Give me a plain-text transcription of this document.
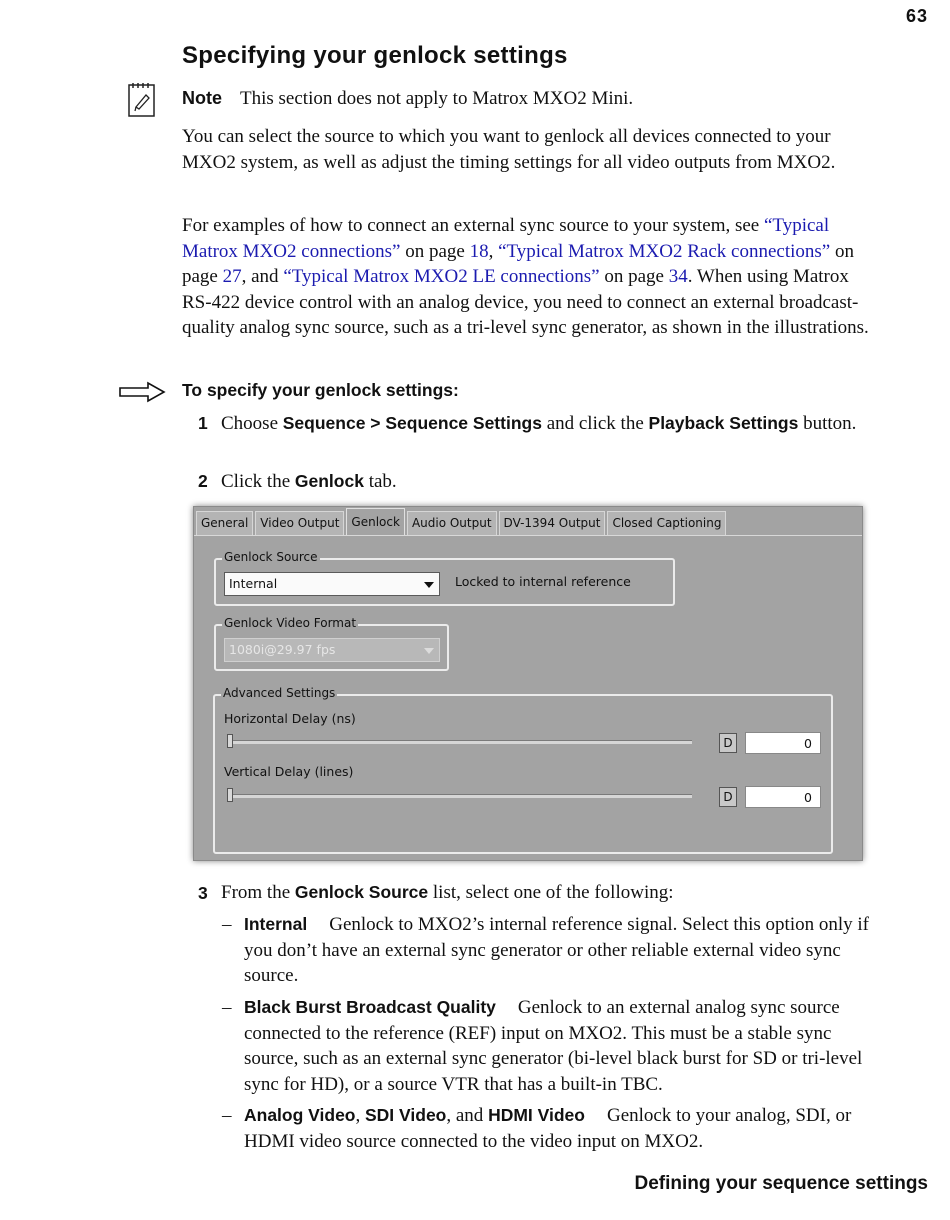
63
Specifying your genlock settings
Note This section does not apply to Matrox MXO2 Mini.
You can select the source to which you want to genlock all devices connected to your MXO2 system, as well as adjust the timing settings for all video outputs from MXO2.
For examples of how to connect an external sync source to your system, see “Typical Matrox MXO2 connections” on page 18, “Typical Matrox MXO2 Rack connections” on page 27, and “Typical Matrox MXO2 LE connections” on page 34. When using Matrox RS-422 device control with an analog device, you need to connect an external broadcast-quality analog sync source, such as a tri-level sync generator, as shown in the illustrations.
To specify your genlock settings:
1 Choose Sequence > Sequence Settings and click the Playback Settings button.
2 Click the Genlock tab.
General	Video Output	Genlock	Audio Output	DV-1394 Output	Closed Captioning
Genlock Source
Internal	Locked to internal reference
Genlock Video Format
1080i@29.97 fps
Advanced Settings
Horizontal Delay (ns)
D	0
Vertical Delay (lines)
D	0
3 From the Genlock Source list, select one of the following:
– Internal Genlock to MXO2’s internal reference signal. Select this option only if you don’t have an external sync generator or other reliable external video sync source.
– Black Burst Broadcast Quality Genlock to an external analog sync source connected to the reference (REF) input on MXO2. This must be a stable sync source, such as an external sync generator (bi-level black burst for SD or tri-level sync for HD), or a source VTR that has a built-in TBC.
– Analog Video, SDI Video, and HDMI Video Genlock to your analog, SDI, or HDMI video source connected to the video input on MXO2.
Defining your sequence settings
